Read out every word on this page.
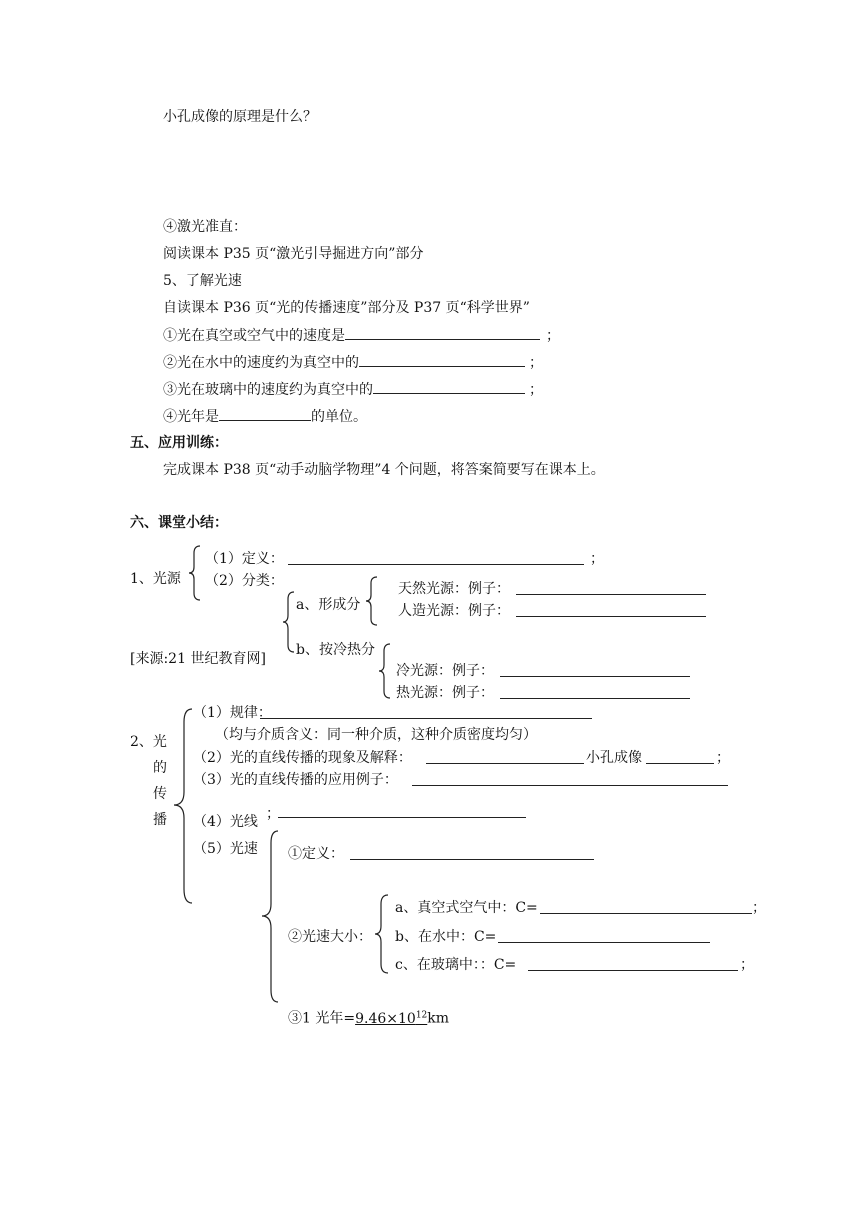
小孔成像的原理是什么？
④激光准直：
阅读课本 P35 页“激光引导掘进方向”部分
5、了解光速
自读课本 P36 页“光的传播速度”部分及 P37 页“科学世界”
①光在真空或空气中的速度是	；
②光在水中的速度约为真空中的	；
③光在玻璃中的速度约为真空中的	；
④光年是	的单位。
五、应用训练：
完成课本 P38 页“动手动脑学物理”4 个问题，将答案简要写在课本上。
六、课堂小结：
1、光源
（1）定义：	；
（2）分类：
a、形成分
天然光源：例子：
人造光源：例子：
b、按冷热分
[来源:21 世纪教育网]
冷光源：例子：
热光源：例子：
2、光
的
传
播
（1）规律：
（均与介质含义：同一种介质，这种介质密度均匀）
（2）光的直线传播的现象及解释：	小孔成像	；
（3）光的直线传播的应用例子：
（4）光线 ；
（5）光速 ①定义：
②光速大小：
a、真空式空气中：C=	；
b、在水中：C=
c、在玻璃中：：C=	；
③1 光年$=9.46\times 10^{12}km$
